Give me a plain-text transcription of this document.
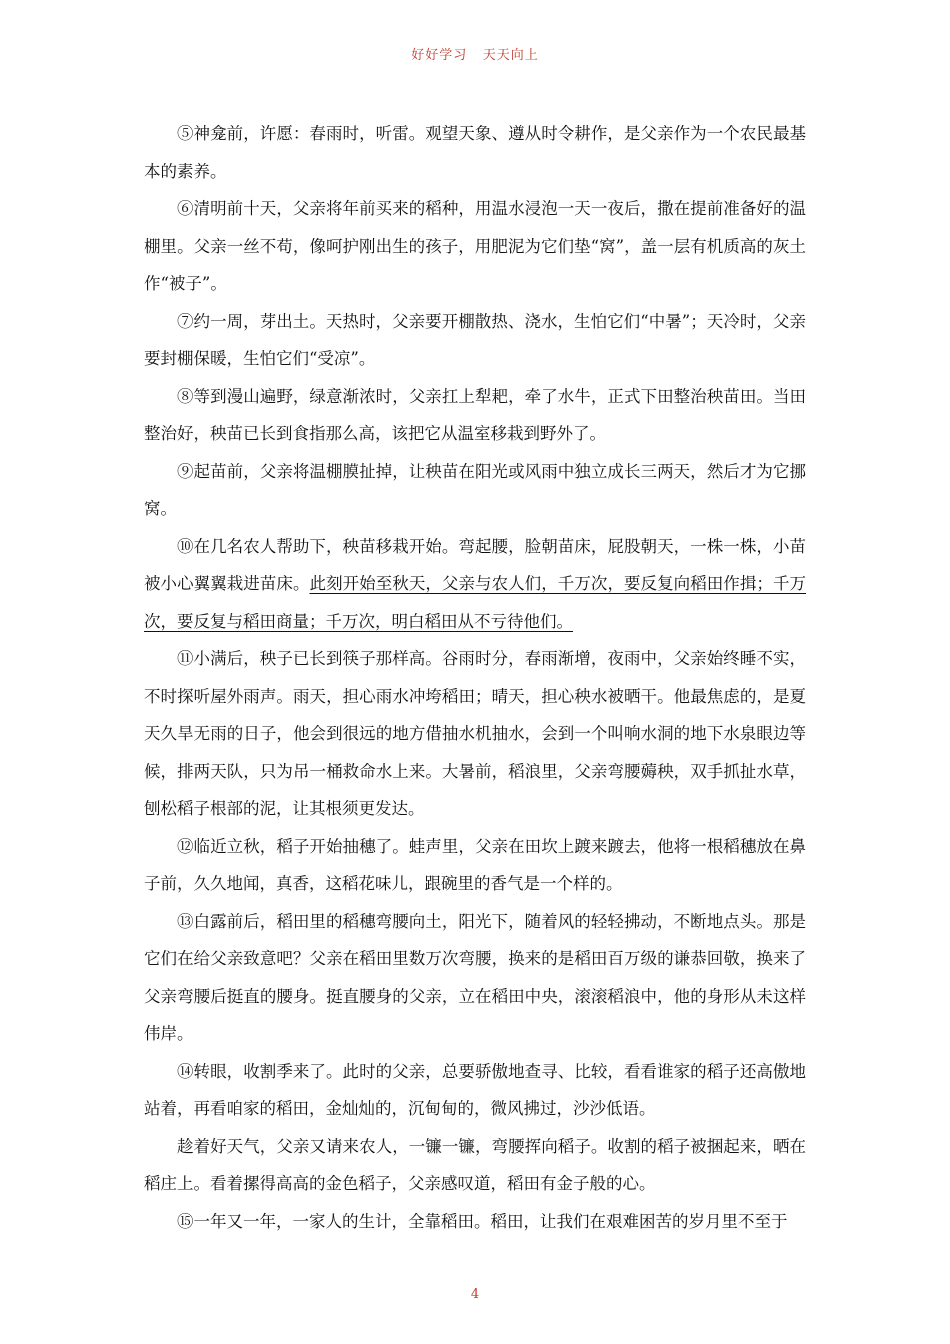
好好学习   天天向上

⑤神龛前，许愿：春雨时，听雷。观望天象、遵从时令耕作，是父亲作为一个农民最基本的素养。

⑥清明前十天，父亲将年前买来的稻种，用温水浸泡一天一夜后，撒在提前准备好的温棚里。父亲一丝不苟，像呵护刚出生的孩子，用肥泥为它们垫“窝”，盖一层有机质高的灰土作“被子”。

⑦约一周，芽出土。天热时，父亲要开棚散热、浇水，生怕它们“中暑”；天冷时，父亲要封棚保暖，生怕它们“受凉”。

⑧等到漫山遍野，绿意渐浓时，父亲扛上犁耙，牵了水牛，正式下田整治秧苗田。当田整治好，秧苗已长到食指那么高，该把它从温室移栽到野外了。

⑨起苗前，父亲将温棚膜扯掉，让秧苗在阳光或风雨中独立成长三两天，然后才为它挪窝。

⑩在几名农人帮助下，秧苗移栽开始。弯起腰，脸朝苗床，屁股朝天，一株一株，小苗被小心翼翼栽进苗床。此刻开始至秋天，父亲与农人们，千万次，要反复向稻田作揖；千万次，要反复与稻田商量；千万次，明白稻田从不亏待他们。

⑪小满后，秧子已长到筷子那样高。谷雨时分，春雨渐增，夜雨中，父亲始终睡不实，不时探听屋外雨声。雨天，担心雨水冲垮稻田；晴天，担心秧水被晒干。他最焦虑的，是夏天久旱无雨的日子，他会到很远的地方借抽水机抽水，会到一个叫响水洞的地下水泉眼边等候，排两天队，只为吊一桶救命水上来。大暑前，稻浪里，父亲弯腰薅秧，双手抓扯水草，刨松稻子根部的泥，让其根须更发达。

⑫临近立秋，稻子开始抽穗了。蛙声里，父亲在田坎上踱来踱去，他将一根稻穗放在鼻子前，久久地闻，真香，这稻花味儿，跟碗里的香气是一个样的。

⑬白露前后，稻田里的稻穗弯腰向土，阳光下，随着风的轻轻拂动，不断地点头。那是它们在给父亲致意吧？父亲在稻田里数万次弯腰，换来的是稻田百万级的谦恭回敬，换来了父亲弯腰后挺直的腰身。挺直腰身的父亲，立在稻田中央，滚滚稻浪中，他的身形从未这样伟岸。

⑭转眼，收割季来了。此时的父亲，总要骄傲地查寻、比较，看看谁家的稻子还高傲地站着，再看咱家的稻田，金灿灿的，沉甸甸的，微风拂过，沙沙低语。

趁着好天气，父亲又请来农人，一镰一镰，弯腰挥向稻子。收割的稻子被捆起来，晒在稻庄上。看着摞得高高的金色稻子，父亲感叹道，稻田有金子般的心。

⑮一年又一年，一家人的生计，全靠稻田。稻田，让我们在艰难困苦的岁月里不至于

4
